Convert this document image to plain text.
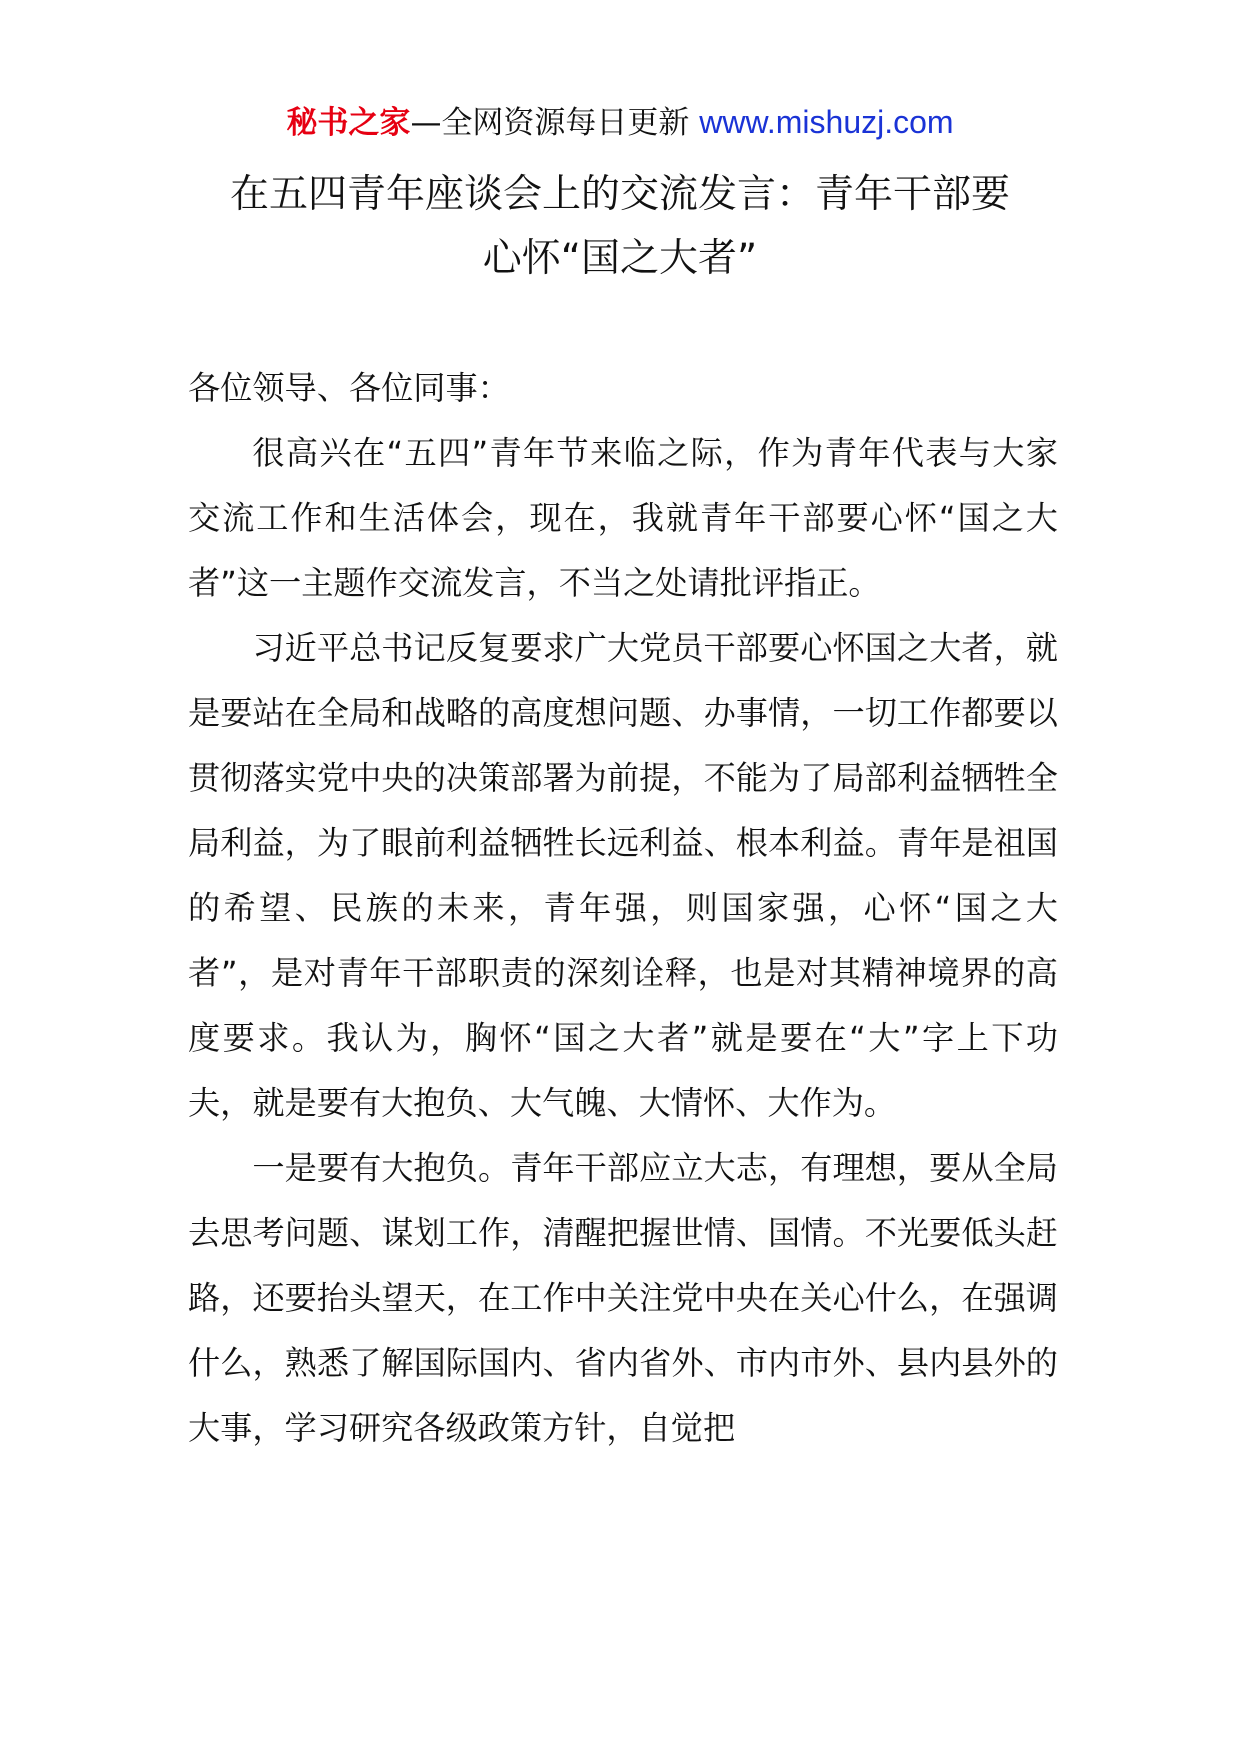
秘书之家—全网资源每日更新 www.mishuzj.com
在五四青年座谈会上的交流发言：青年干部要
心怀“国之大者”

各位领导、各位同事：

很高兴在“五四”青年节来临之际，作为青年代表与大家交流工作和生活体会，现在，我就青年干部要心怀“国之大者”这一主题作交流发言，不当之处请批评指正。

习近平总书记反复要求广大党员干部要心怀国之大者，就是要站在全局和战略的高度想问题、办事情，一切工作都要以贯彻落实党中央的决策部署为前提，不能为了局部利益牺牲全局利益，为了眼前利益牺牲长远利益、根本利益。青年是祖国的希望、民族的未来，青年强，则国家强，心怀“国之大者”，是对青年干部职责的深刻诠释，也是对其精神境界的高度要求。我认为，胸怀“国之大者”就是要在“大”字上下功夫，就是要有大抱负、大气魄、大情怀、大作为。

一是要有大抱负。青年干部应立大志，有理想，要从全局去思考问题、谋划工作，清醒把握世情、国情。不光要低头赶路，还要抬头望天，在工作中关注党中央在关心什么，在强调什么，熟悉了解国际国内、省内省外、市内市外、县内县外的大事，学习研究各级政策方针，自觉把
